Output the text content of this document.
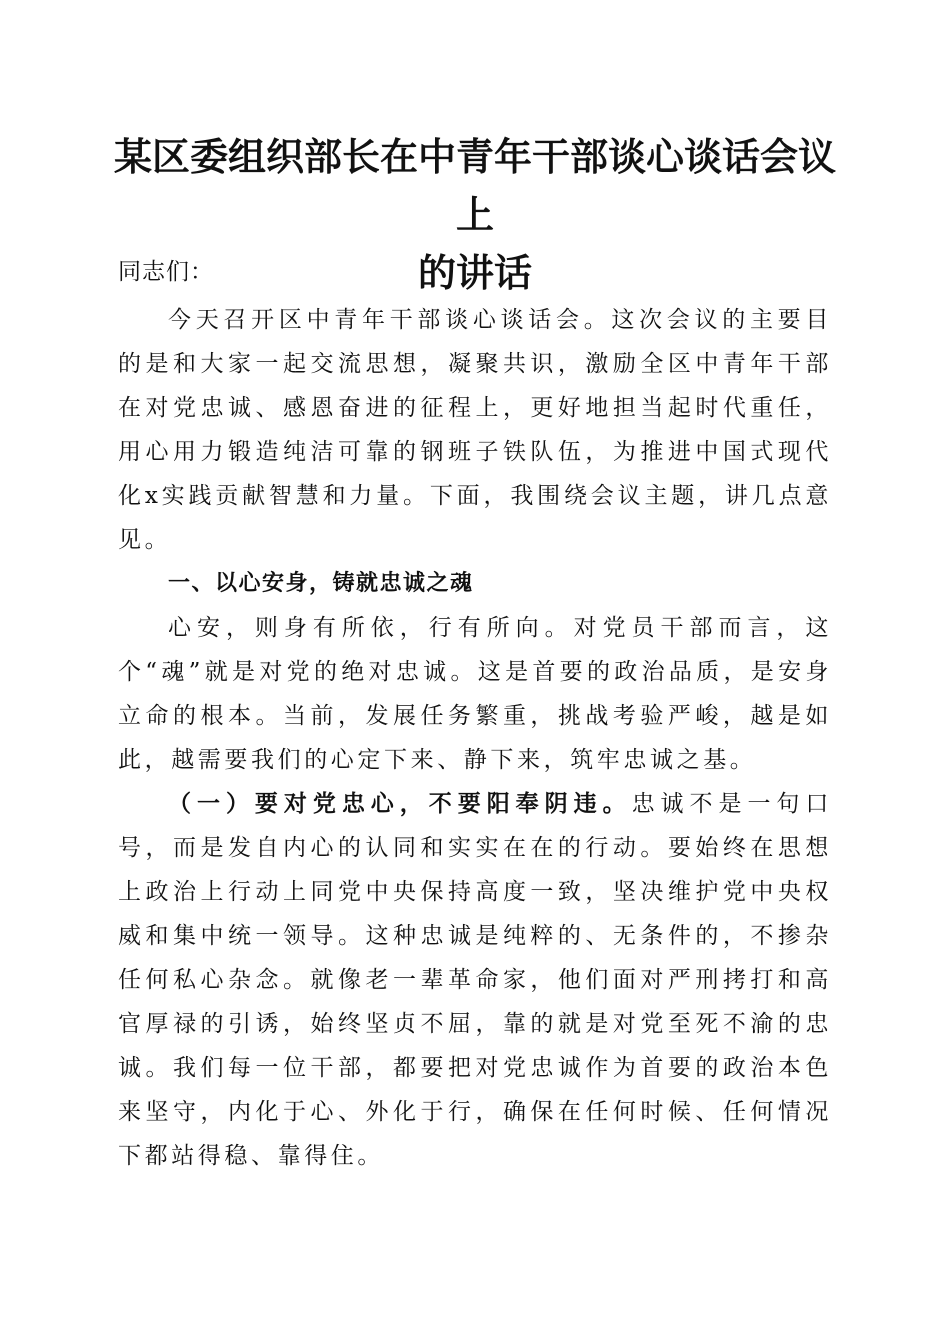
某区委组织部长在中青年干部谈心谈话会议上
的讲话

同志们：

今天召开区中青年干部谈心谈话会。这次会议的主要目的是和大家一起交流思想，凝聚共识，激励全区中青年干部在对党忠诚、感恩奋进的征程上，更好地担当起时代重任，用心用力锻造纯洁可靠的钢班子铁队伍，为推进中国式现代化x实践贡献智慧和力量。下面，我围绕会议主题，讲几点意见。

一、以心安身，铸就忠诚之魂

心安，则身有所依，行有所向。对党员干部而言，这个“魂”就是对党的绝对忠诚。这是首要的政治品质，是安身立命的根本。当前，发展任务繁重，挑战考验严峻，越是如此，越需要我们的心定下来、静下来，筑牢忠诚之基。

（一）要对党忠心，不要阳奉阴违。忠诚不是一句口号，而是发自内心的认同和实实在在的行动。要始终在思想上政治上行动上同党中央保持高度一致，坚决维护党中央权威和集中统一领导。这种忠诚是纯粹的、无条件的，不掺杂任何私心杂念。就像老一辈革命家，他们面对严刑拷打和高官厚禄的引诱，始终坚贞不屈，靠的就是对党至死不渝的忠诚。我们每一位干部，都要把对党忠诚作为首要的政治本色来坚守，内化于心、外化于行，确保在任何时候、任何情况下都站得稳、靠得住。
